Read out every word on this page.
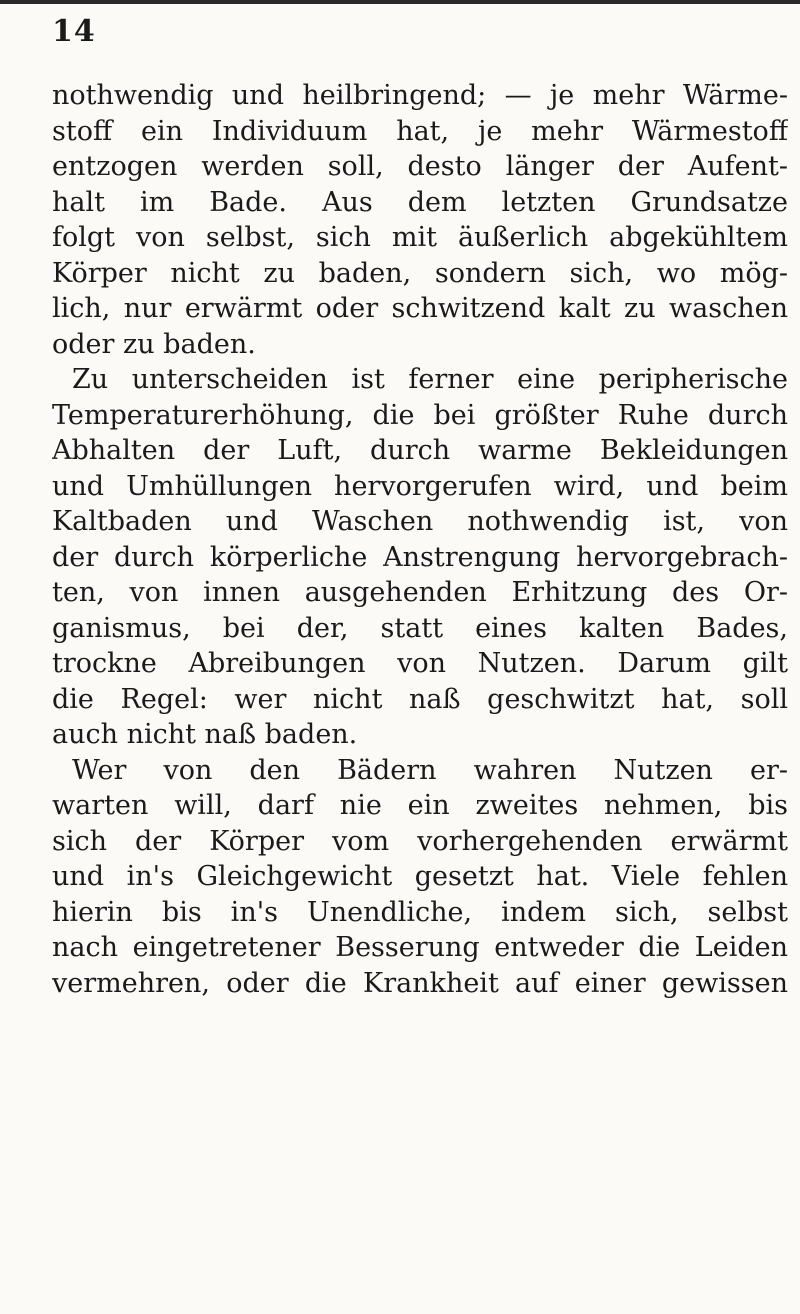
14
nothwendig und heilbringend; — je mehr Wärme-
stoff ein Individuum hat, je mehr Wärmestoff
entzogen werden soll, desto länger der Aufent-
halt im Bade. Aus dem letzten Grundsatze
folgt von selbst, sich mit äußerlich abgekühltem
Körper nicht zu baden, sondern sich, wo mög-
lich, nur erwärmt oder schwitzend kalt zu waschen
oder zu baden.
Zu unterscheiden ist ferner eine peripherische
Temperaturerhöhung, die bei größter Ruhe durch
Abhalten der Luft, durch warme Bekleidungen
und Umhüllungen hervorgerufen wird, und beim
Kaltbaden und Waschen nothwendig ist, von
der durch körperliche Anstrengung hervorgebrach-
ten, von innen ausgehenden Erhitzung des Or-
ganismus, bei der, statt eines kalten Bades,
trockne Abreibungen von Nutzen. Darum gilt
die Regel: wer nicht naß geschwitzt hat, soll
auch nicht naß baden.
Wer von den Bädern wahren Nutzen er-
warten will, darf nie ein zweites nehmen, bis
sich der Körper vom vorhergehenden erwärmt
und in's Gleichgewicht gesetzt hat. Viele fehlen
hierin bis in's Unendliche, indem sich, selbst
nach eingetretener Besserung entweder die Leiden
vermehren, oder die Krankheit auf einer gewissen
